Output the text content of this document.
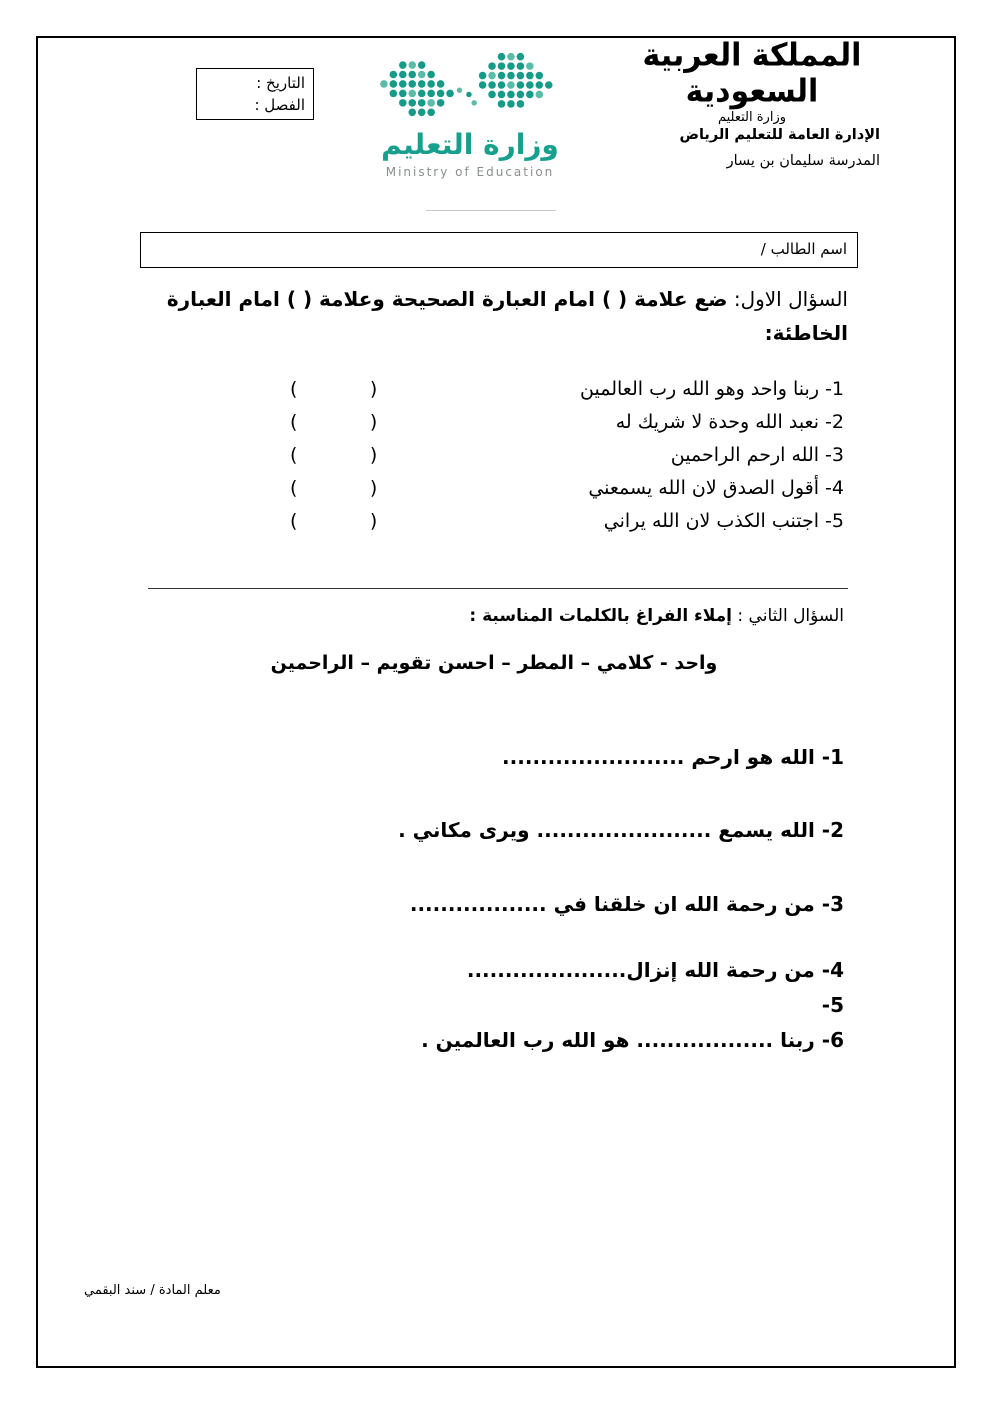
التاريخ :
الفصل :
وزارة التعليم
Ministry of Education
المملكة العربية السعودية
وزارة التعليم
الإدارة العامة للتعليم الرياض
المدرسة سليمان بن يسار
اسم الطالب /
السؤال الاول: ضع علامة ( ) امام العبارة الصحيحة وعلامة ( ) امام العبارة الخاطئة:
1- ربنا واحد وهو الله رب العالمين
(            )
2- نعبد الله وحدة لا شريك له
(            )
3- الله ارحم الراحمين
(            )
4- أقول الصدق لان الله يسمعني
(            )
5- اجتنب الكذب لان الله يراني
(            )
السؤال الثاني : إملاء الفراغ بالكلمات المناسبة :
واحد - كلامي – المطر – احسن تقويم – الراحمين
1- الله هو ارحم ........................
2- الله يسمع ....................... ويرى مكاني .
3- من رحمة الله ان خلقنا في ..................
4- من رحمة الله إنزال.....................
5-
6- ربنا .................. هو الله رب العالمين .
معلم المادة / سند البقمي
